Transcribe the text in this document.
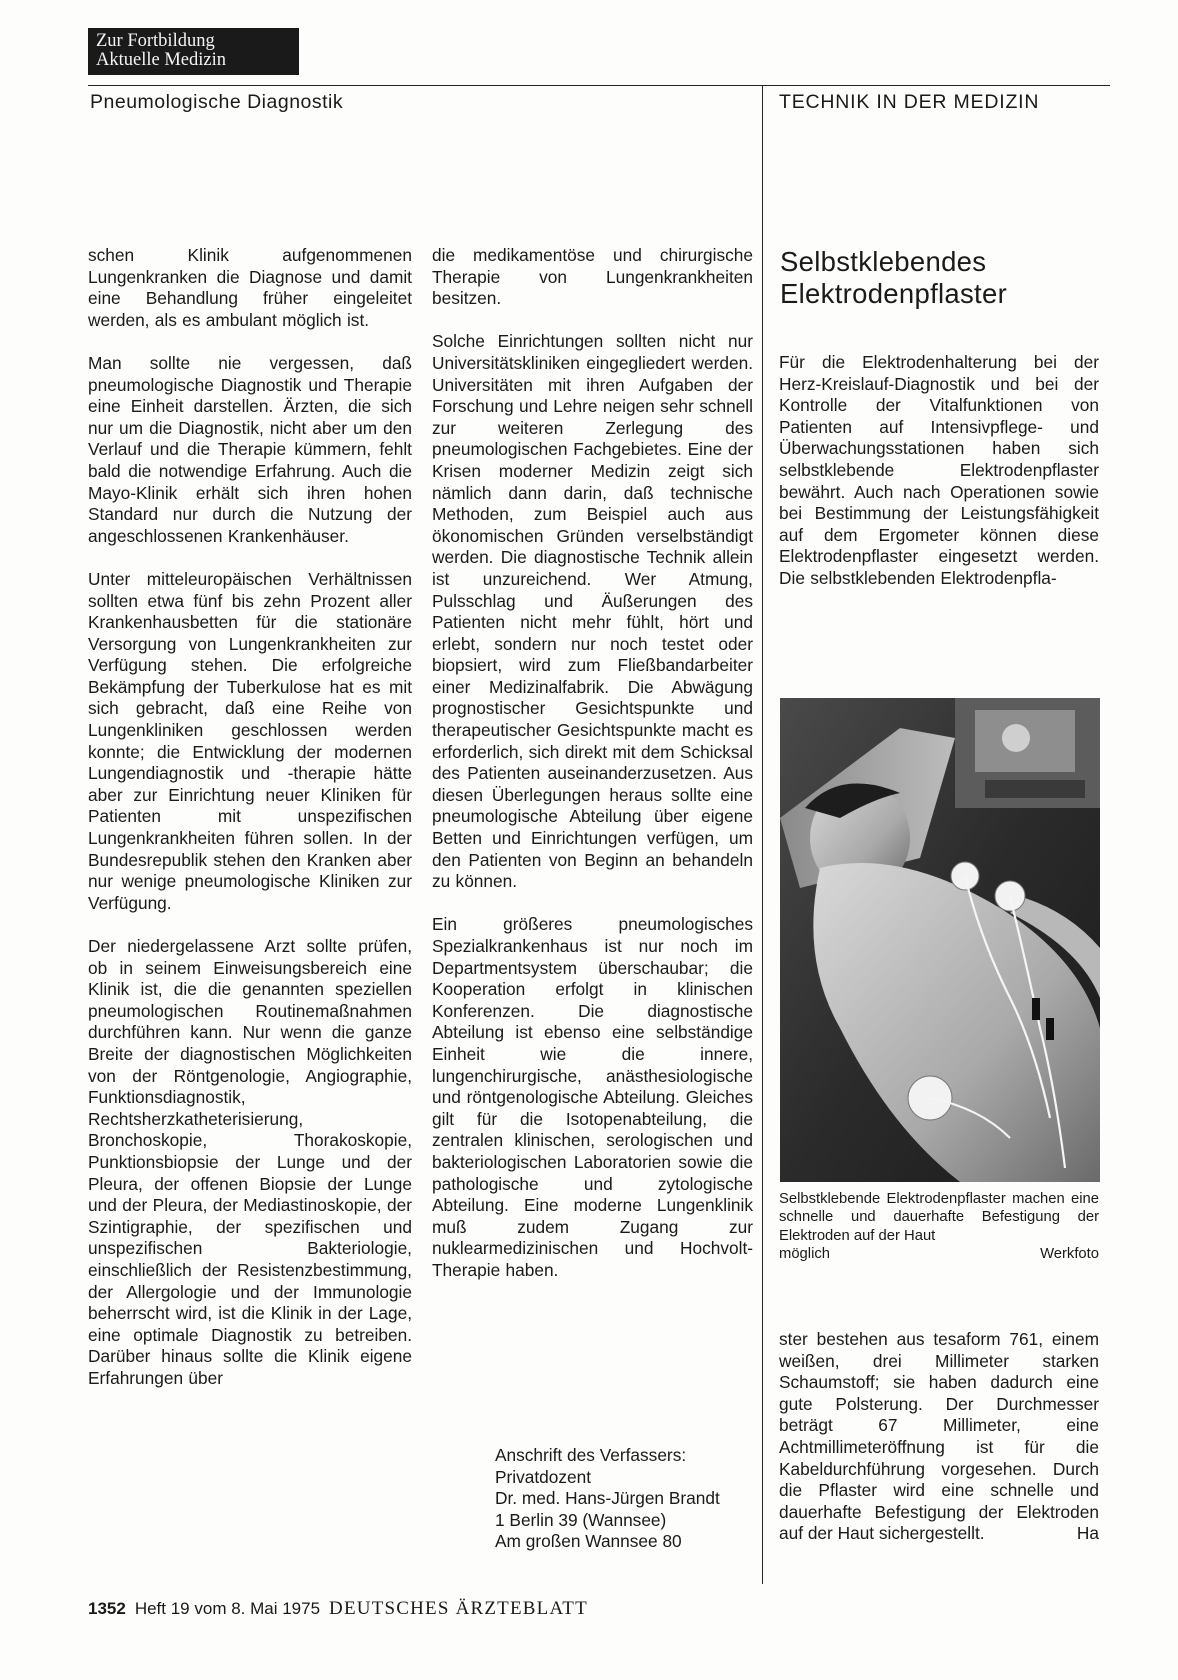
Zur Fortbildung
Aktuelle Medizin
Pneumologische Diagnostik	TECHNIK IN DER MEDIZIN

schen Klinik aufgenommenen Lungenkranken die Diagnose und damit eine Behandlung früher eingeleitet werden, als es ambulant möglich ist.

Man sollte nie vergessen, daß pneumologische Diagnostik und Therapie eine Einheit darstellen. Ärzten, die sich nur um die Diagnostik, nicht aber um den Verlauf und die Therapie kümmern, fehlt bald die notwendige Erfahrung. Auch die Mayo-Klinik erhält sich ihren hohen Standard nur durch die Nutzung der angeschlossenen Krankenhäuser.

Unter mitteleuropäischen Verhältnissen sollten etwa fünf bis zehn Prozent aller Krankenhausbetten für die stationäre Versorgung von Lungenkrankheiten zur Verfügung stehen. Die erfolgreiche Bekämpfung der Tuberkulose hat es mit sich gebracht, daß eine Reihe von Lungenkliniken geschlossen werden konnte; die Entwicklung der modernen Lungendiagnostik und -therapie hätte aber zur Einrichtung neuer Kliniken für Patienten mit unspezifischen Lungenkrankheiten führen sollen. In der Bundesrepublik stehen den Kranken aber nur wenige pneumologische Kliniken zur Verfügung.

Der niedergelassene Arzt sollte prüfen, ob in seinem Einweisungsbereich eine Klinik ist, die die genannten speziellen pneumologischen Routinemaßnahmen durchführen kann. Nur wenn die ganze Breite der diagnostischen Möglichkeiten von der Röntgenologie, Angiographie, Funktionsdiagnostik, Rechtsherzkatheterisierung, Bronchoskopie, Thorakoskopie, Punktionsbiopsie der Lunge und der Pleura, der offenen Biopsie der Lunge und der Pleura, der Mediastinoskopie, der Szintigraphie, der spezifischen und unspezifischen Bakteriologie, einschließlich der Resistenzbestimmung, der Allergologie und der Immunologie beherrscht wird, ist die Klinik in der Lage, eine optimale Diagnostik zu betreiben. Darüber hinaus sollte die Klinik eigene Erfahrungen über

die medikamentöse und chirurgische Therapie von Lungenkrankheiten besitzen.

Solche Einrichtungen sollten nicht nur Universitätskliniken eingegliedert werden. Universitäten mit ihren Aufgaben der Forschung und Lehre neigen sehr schnell zur weiteren Zerlegung des pneumologischen Fachgebietes. Eine der Krisen moderner Medizin zeigt sich nämlich dann darin, daß technische Methoden, zum Beispiel auch aus ökonomischen Gründen verselbständigt werden. Die diagnostische Technik allein ist unzureichend. Wer Atmung, Pulsschlag und Äußerungen des Patienten nicht mehr fühlt, hört und erlebt, sondern nur noch testet oder biopsiert, wird zum Fließbandarbeiter einer Medizinalfabrik. Die Abwägung prognostischer Gesichtspunkte und therapeutischer Gesichtspunkte macht es erforderlich, sich direkt mit dem Schicksal des Patienten auseinanderzusetzen. Aus diesen Überlegungen heraus sollte eine pneumologische Abteilung über eigene Betten und Einrichtungen verfügen, um den Patienten von Beginn an behandeln zu können.

Ein größeres pneumologisches Spezialkrankenhaus ist nur noch im Departmentsystem überschaubar; die Kooperation erfolgt in klinischen Konferenzen. Die diagnostische Abteilung ist ebenso eine selbständige Einheit wie die innere, lungenchirurgische, anästhesiologische und röntgenologische Abteilung. Gleiches gilt für die Isotopenabteilung, die zentralen klinischen, serologischen und bakteriologischen Laboratorien sowie die pathologische und zytologische Abteilung. Eine moderne Lungenklinik muß zudem Zugang zur nuklearmedizinischen und Hochvolt-Therapie haben.

Anschrift des Verfassers:
Privatdozent
Dr. med. Hans-Jürgen Brandt
1 Berlin 39 (Wannsee)
Am großen Wannsee 80
Selbstklebendes
Elektrodenpflaster

Für die Elektrodenhalterung bei der Herz-Kreislauf-Diagnostik und bei der Kontrolle der Vitalfunktionen von Patienten auf Intensivpflege- und Überwachungsstationen haben sich selbstklebende Elektrodenpflaster bewährt. Auch nach Operationen sowie bei Bestimmung der Leistungsfähigkeit auf dem Ergometer können diese Elektrodenpflaster eingesetzt werden. Die selbstklebenden Elektrodenpfla-

Selbstklebende Elektrodenpflaster machen eine schnelle und dauerhafte Befestigung der Elektroden auf der Haut
möglich	Werkfoto

ster bestehen aus tesaform 761, einem weißen, drei Millimeter starken Schaumstoff; sie haben dadurch eine gute Polsterung. Der Durchmesser beträgt 67 Millimeter, eine Achtmillimeteröffnung ist für die Kabeldurchführung vorgesehen. Durch die Pflaster wird eine schnelle und dauerhafte Befestigung der Elektroden auf der Haut sichergestellt.	Ha

1352 Heft 19 vom 8. Mai 1975 DEUTSCHES ÄRZTEBLATT
